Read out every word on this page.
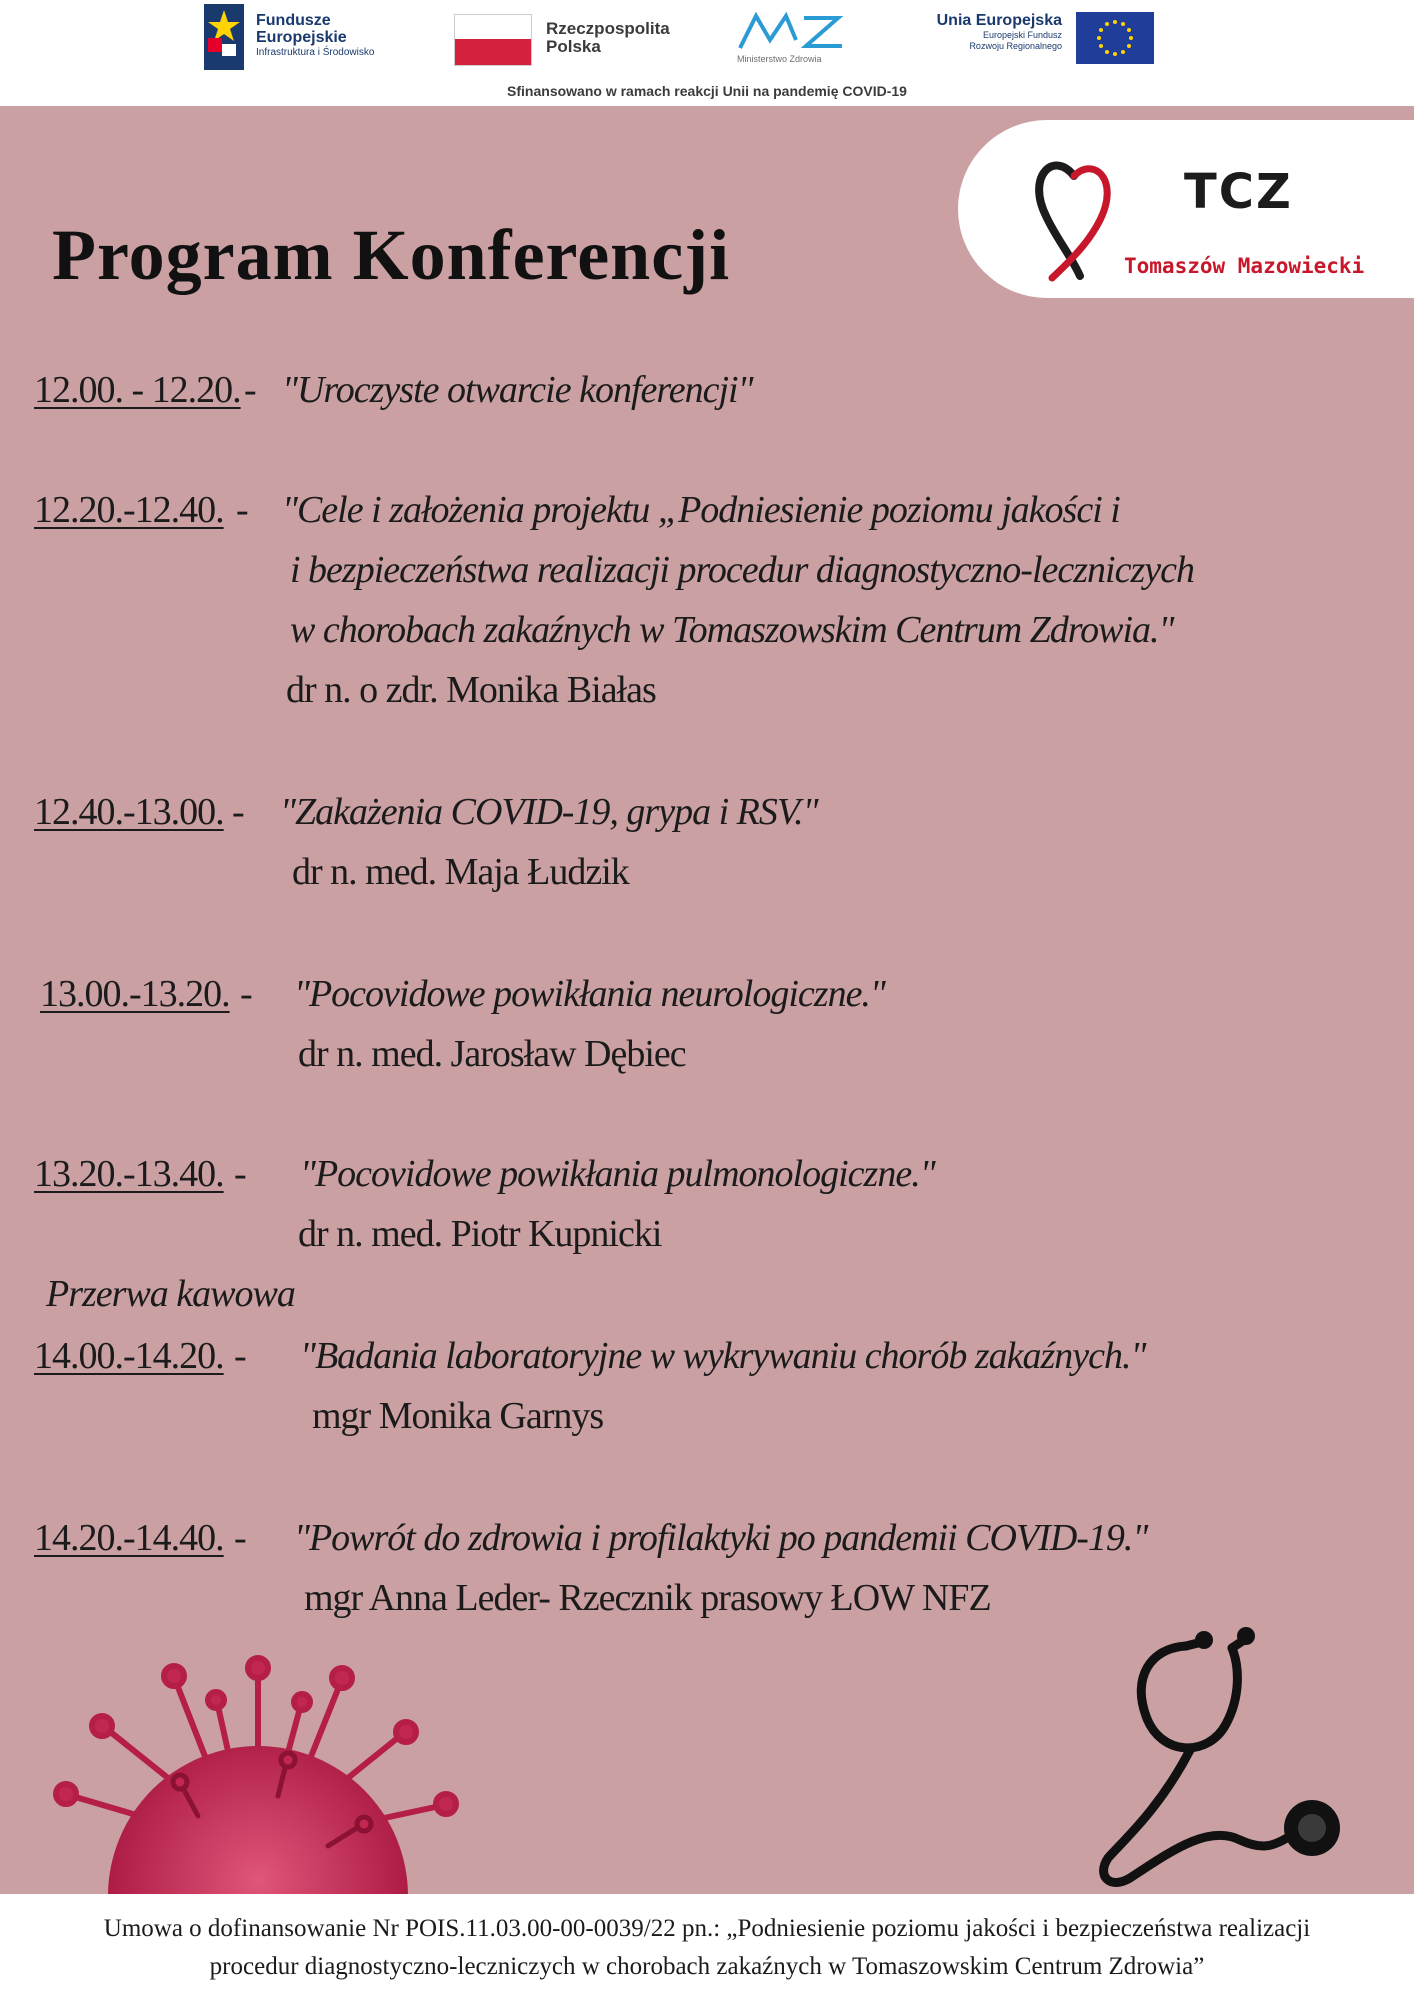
Fundusze
Europejskie
Infrastruktura i Środowisko
Rzeczpospolita
Polska
Ministerstwo Zdrowia
Unia Europejska
Europejski Fundusz
Rozwoju Regionalnego
Sfinansowano w ramach reakcji Unii na pandemię COVID-19
TCZ
Tomaszów Mazowiecki
Program Konferencji
12.00. - 12.20. - "Uroczyste otwarcie konferencji"
12.20.-12.40. - "Cele i założenia projektu „Podniesienie poziomu jakości i
i bezpieczeństwa realizacji procedur diagnostyczno-leczniczych
w chorobach zakaźnych w Tomaszowskim Centrum Zdrowia."
dr n. o zdr. Monika Białas
12.40.-13.00. - "Zakażenia COVID-19, grypa i RSV."
dr n. med. Maja Łudzik
13.00.-13.20. - "Pocovidowe powikłania neurologiczne."
dr n. med. Jarosław Dębiec
13.20.-13.40. - "Pocovidowe powikłania pulmonologiczne."
dr n. med. Piotr Kupnicki
Przerwa kawowa
14.00.-14.20. - "Badania laboratoryjne w wykrywaniu chorób zakaźnych."
mgr Monika Garnys
14.20.-14.40. - "Powrót do zdrowia i profilaktyki po pandemii COVID-19."
mgr Anna Leder- Rzecznik prasowy ŁOW NFZ
Umowa o dofinansowanie Nr POIS.11.03.00-00-0039/22 pn.: „Podniesienie poziomu jakości i bezpieczeństwa realizacji
procedur diagnostyczno-leczniczych w chorobach zakaźnych w Tomaszowskim Centrum Zdrowia”
